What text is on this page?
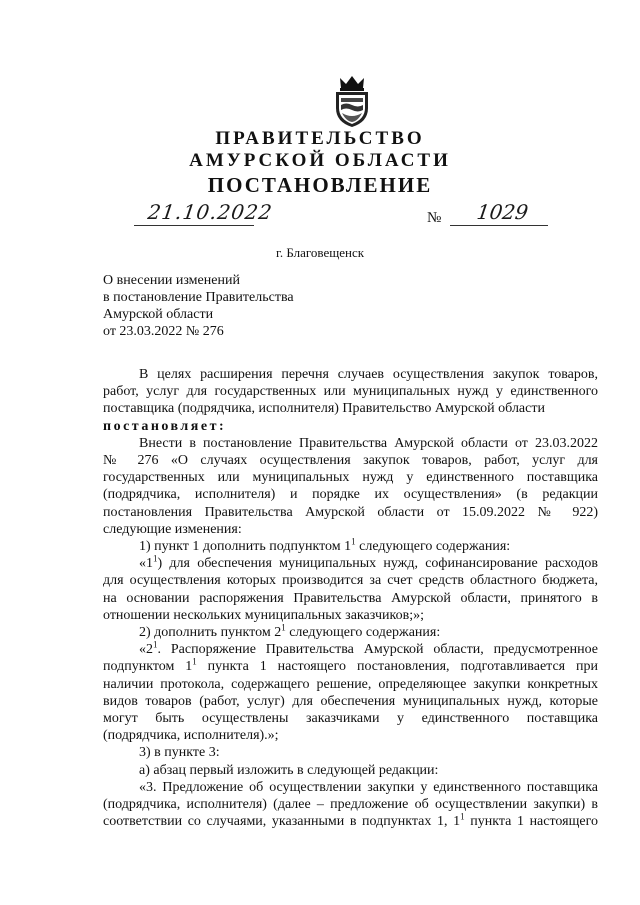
ПРАВИТЕЛЬСТВО
АМУРСКОЙ ОБЛАСТИ
ПОСТАНОВЛЕНИЕ
21.10.2022	№ 1029
г. Благовещенск
О внесении изменений
в постановление Правительства
Амурской области
от 23.03.2022 № 276

В целях расширения перечня случаев осуществления закупок товаров,

работ, услуг для государственных или муниципальных нужд у единственного

поставщика (подрядчика, исполнителя) Правительство Амурской области

постановляет:

Внести в постановление Правительства Амурской области от 23.03.2022

№ 276 «О случаях осуществления закупок товаров, работ, услуг для

государственных или муниципальных нужд у единственного поставщика

(подрядчика, исполнителя) и порядке их осуществления» (в редакции

постановления Правительства Амурской области от 15.09.2022 № 922)

следующие изменения:

1) пункт 1 дополнить подпунктом $1^1$ следующего содержания:

«$1^1$) для обеспечения муниципальных нужд, софинансирование расходов

для осуществления которых производится за счет средств областного бюджета,

на основании распоряжения Правительства Амурской области, принятого в

отношении нескольких муниципальных заказчиков;»;

2) дополнить пунктом $2^1$ следующего содержания:

«$2^1$. Распоряжение Правительства Амурской области, предусмотренное

подпунктом $1^1$ пункта 1 настоящего постановления, подготавливается при

наличии протокола, содержащего решение, определяющее закупки конкретных

видов товаров (работ, услуг) для обеспечения муниципальных нужд, которые

могут быть осуществлены заказчиками у единственного поставщика

(подрядчика, исполнителя).»;

3) в пункте 3:

а) абзац первый изложить в следующей редакции:

«3. Предложение об осуществлении закупки у единственного поставщика

(подрядчика, исполнителя) (далее – предложение об осуществлении закупки) в

соответствии со случаями, указанными в подпунктах 1, $1^1$ пункта 1 настоящего
